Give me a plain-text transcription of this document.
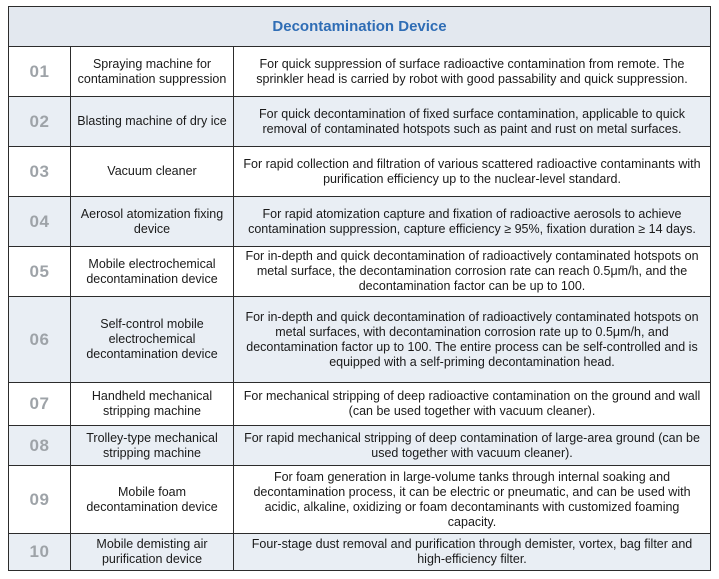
Decontamination Device		
01	Spraying machine for contamination suppression	For quick suppression of surface radioactive contamination from remote. The sprinkler head is carried by robot with good passability and quick suppression.
02	Blasting machine of dry ice	For quick decontamination of fixed surface contamination, applicable to quick removal of contaminated hotspots such as paint and rust on metal surfaces.
03	Vacuum cleaner	For rapid collection and filtration of various scattered radioactive contaminants with purification efficiency up to the nuclear-level standard.
04	Aerosol atomization fixing device	For rapid atomization capture and fixation of radioactive aerosols to achieve contamination suppression, capture efficiency ≥ 95%, fixation duration ≥ 14 days.
05	Mobile electrochemical decontamination device	For in-depth and quick decontamination of radioactively contaminated hotspots on metal surface, the decontamination corrosion rate can reach 0.5μm/h, and the decontamination factor can be up to 100.
06	Self-control mobile electrochemical decontamination device	For in-depth and quick decontamination of radioactively contaminated hotspots on metal surfaces, with decontamination corrosion rate up to 0.5μm/h, and decontamination factor up to 100. The entire process can be self-controlled and is equipped with a self-priming decontamination head.
07	Handheld mechanical stripping machine	For mechanical stripping of deep radioactive contamination on the ground and wall (can be used together with vacuum cleaner).
08	Trolley-type mechanical stripping machine	For rapid mechanical stripping of deep contamination of large-area ground (can be used together with vacuum cleaner).
09	Mobile foam decontamination device	For foam generation in large-volume tanks through internal soaking and decontamination process, it can be electric or pneumatic, and can be used with acidic, alkaline, oxidizing or foam decontaminants with customized foaming capacity.
10	Mobile demisting air purification device	Four-stage dust removal and purification through demister, vortex, bag filter and high-efficiency filter.
